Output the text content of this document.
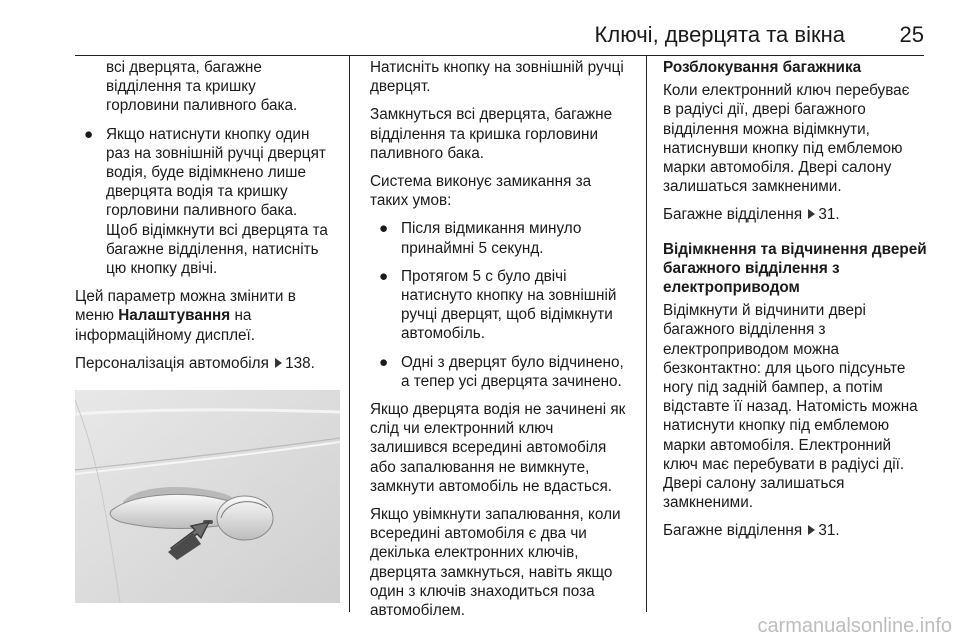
Ключі, дверцята та вікна 25
всі дверцята, багажне
відділення та кришку
горловини паливного бака.
● Якщо натиснути кнопку один
раз на зовнішній ручці дверцят
водія, буде відімкнено лише
дверцята водія та кришку
горловини паливного бака.
Щоб відімкнути всі дверцята та
багажне відділення, натисніть
цю кнопку двічі.

Цей параметр можна змінити в
меню Налаштування на
інформаційному дисплеї.

Персоналізація автомобіля 138.

Натисніть кнопку на зовнішній ручці
дверцят.

Замкнуться всі дверцята, багажне
відділення та кришка горловини
паливного бака.

Система виконує замикання за
таких умов:

● Після відмикання минуло
принаймні 5 секунд.
● Протягом 5 с було двічі
натиснуто кнопку на зовнішній
ручці дверцят, щоб відімкнути
автомобіль.
● Одні з дверцят було відчинено,
а тепер усі дверцята зачинено.

Якщо дверцята водія не зачинені як
слід чи електронний ключ
залишився всередині автомобіля
або запалювання не вимкнуте,
замкнути автомобіль не вдасться.

Якщо увімкнути запалювання, коли
всередині автомобіля є два чи
декілька електронних ключів,
дверцята замкнуться, навіть якщо
один з ключів знаходиться поза
автомобілем.

Розблокування багажника

Коли електронний ключ перебуває
в радіусі дії, двері багажного
відділення можна відімкнути,
натиснувши кнопку під емблемою
марки автомобіля. Двері салону
залишаться замкненими.

Багажне відділення 31.

Відімкнення та відчинення дверей
багажного відділення з
електроприводом

Відімкнути й відчинити двері
багажного відділення з
електроприводом можна
безконтактно: для цього підсуньте
ногу під задній бампер, а потім
відставте її назад. Натомість можна
натиснути кнопку під емблемою
марки автомобіля. Електронний
ключ має перебувати в радіусі дії.
Двері салону залишаться
замкненими.

Багажне відділення 31.

carmanualsonline.info
